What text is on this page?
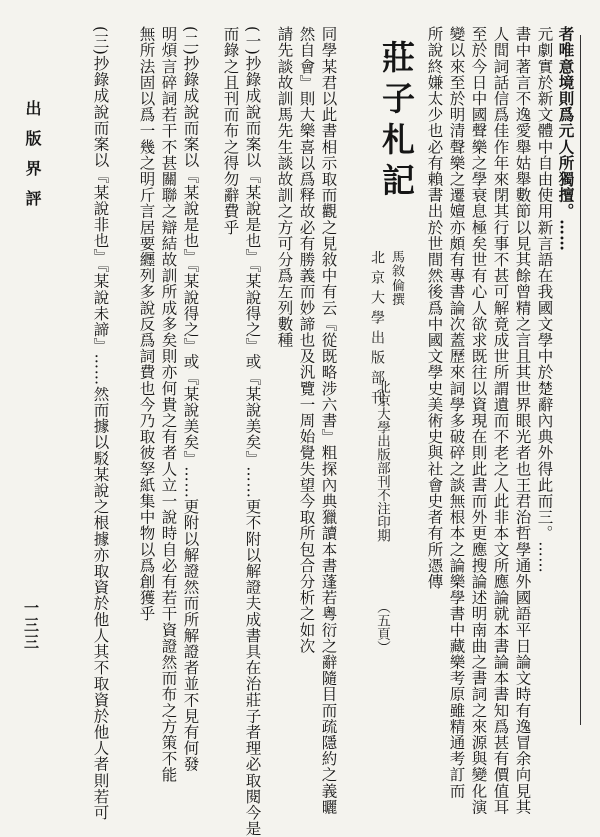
出版界評
一三三
者唯意境則爲元人所獨擅。……
元劇實於新文體中自由使用新言語在我國文學中於楚辭內典外得此而三。……
書中著言不逸愛舉姑舉數節以見其餘曾精之言且其世界眼光者也王君治哲學通外國語平日論文時有逸冒余向見其
人間詞話信爲佳作年來閉其行事不甚可解竟成世所謂遺而不老之人此非本文所應論就本書論本書知爲甚有價值耳
至於今日中國聲樂之學衰息極矣世有心人欲求既往以資現在則此書而外更應搜論述明南曲之書詞之來源與變化演
變以來至於明清聲樂之遷嬗亦頗有專書論次蓋歷來詞學多破碎之談無根本之論樂學書中藏樂考原雖精通考訂而
所說終嫌太少也必有賴書出於世間然後爲中國文學史美術史與社會史者有所憑傳
莊子札記
馬敘倫撰
北京大學出版部刊
北京大學出版部刊不注印期
（五頁）
同學某君以此書相示取而觀之見敘中有云『從既略涉六書』粗探內典獵讀本書蓬若粵衍之辭隨目而疏隱約之義曬
然自會』則大樂喜以爲释故必有勝義而妙諦也及汎覽一周始覺失望今取所包合分析之如次
請先談故訓馬先生談故訓之方可分爲左列數種
(一)抄錄成說而案以『某說是也』『某說得之』或『某說美矣』……更不附以解證夫成書具在治莊子者理必取閱今是
而錄之且刊而布之得勿辭費乎
(二)抄錄成說而案以『某說是也』『某說得之』或『某說美矣』……更附以解證然而所解證者並不見有何發
明煩言碎詞若干不甚關聯之辯結故訓所成多矣則亦何貴之有者人立一說時自必有若干資證然而布之方策不能
無所法固以爲一幾之明斤言居要纒列多說反爲詞費也今乃取彼孥紙集中物以爲創獲乎
(三)抄錄成說而案以『某說非也』『某說未諦』……然而據以駁某說之根據亦取資於他人其不取資於他人者則若可
